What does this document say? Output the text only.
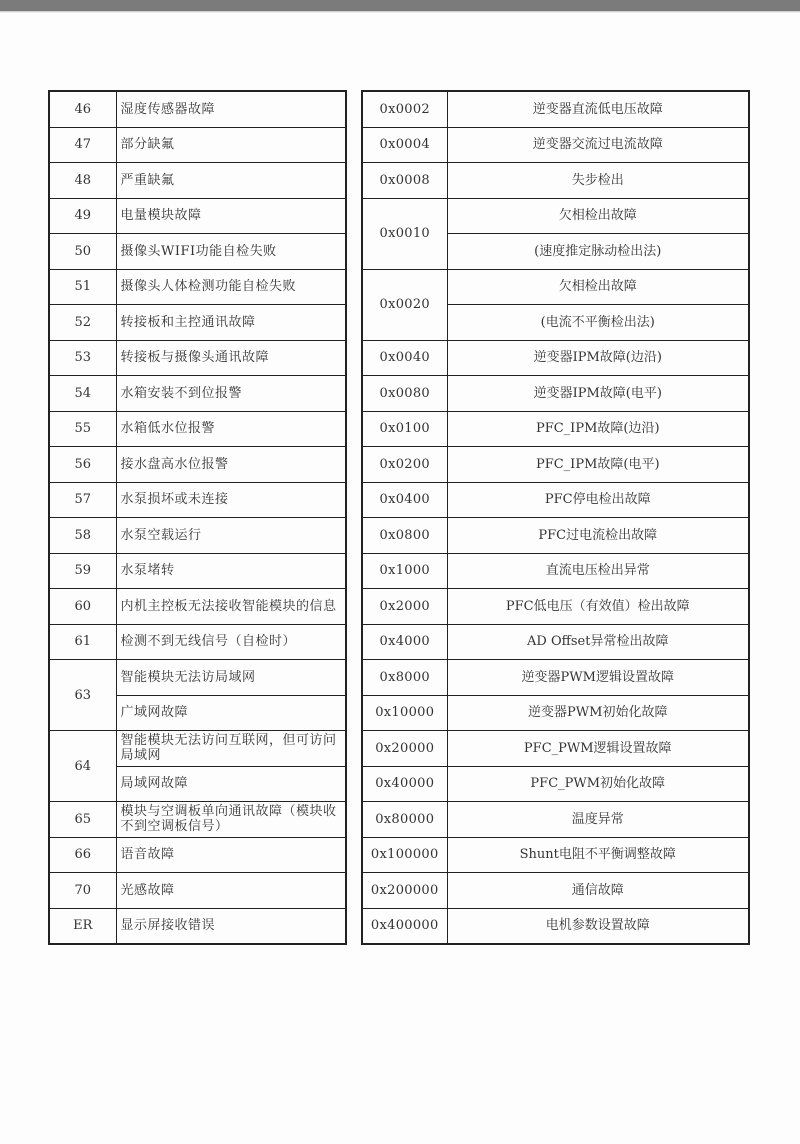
46	湿度传感器故障
47	部分缺氟
48	严重缺氟
49	电量模块故障
50	摄像头WIFI功能自检失败
51	摄像头人体检测功能自检失败
52	转接板和主控通讯故障
53	转接板与摄像头通讯故障
54	水箱安装不到位报警
55	水箱低水位报警
56	接水盘高水位报警
57	水泵损坏或未连接
58	水泵空载运行
59	水泵堵转
60	内机主控板无法接收智能模块的信息
61	检测不到无线信号（自检时）
63	智能模块无法访局域网
	广域网故障
64	智能模块无法访问互联网，但可访问局域网
	局域网故障
65	模块与空调板单向通讯故障（模块收不到空调板信号）
66	语音故障
70	光感故障
ER	显示屏接收错误
0x0002	逆变器直流低电压故障
0x0004	逆变器交流过电流故障
0x0008	失步检出
0x0010	欠相检出故障
	(速度推定脉动检出法)
0x0020	欠相检出故障
	(电流不平衡检出法)
0x0040	逆变器IPM故障(边沿)
0x0080	逆变器IPM故障(电平)
0x0100	PFC_IPM故障(边沿)
0x0200	PFC_IPM故障(电平)
0x0400	PFC停电检出故障
0x0800	PFC过电流检出故障
0x1000	直流电压检出异常
0x2000	PFC低电压（有效值）检出故障
0x4000	AD Offset异常检出故障
0x8000	逆变器PWM逻辑设置故障
0x10000	逆变器PWM初始化故障
0x20000	PFC_PWM逻辑设置故障
0x40000	PFC_PWM初始化故障
0x80000	温度异常
0x100000	Shunt电阻不平衡调整故障
0x200000	通信故障
0x400000	电机参数设置故障
